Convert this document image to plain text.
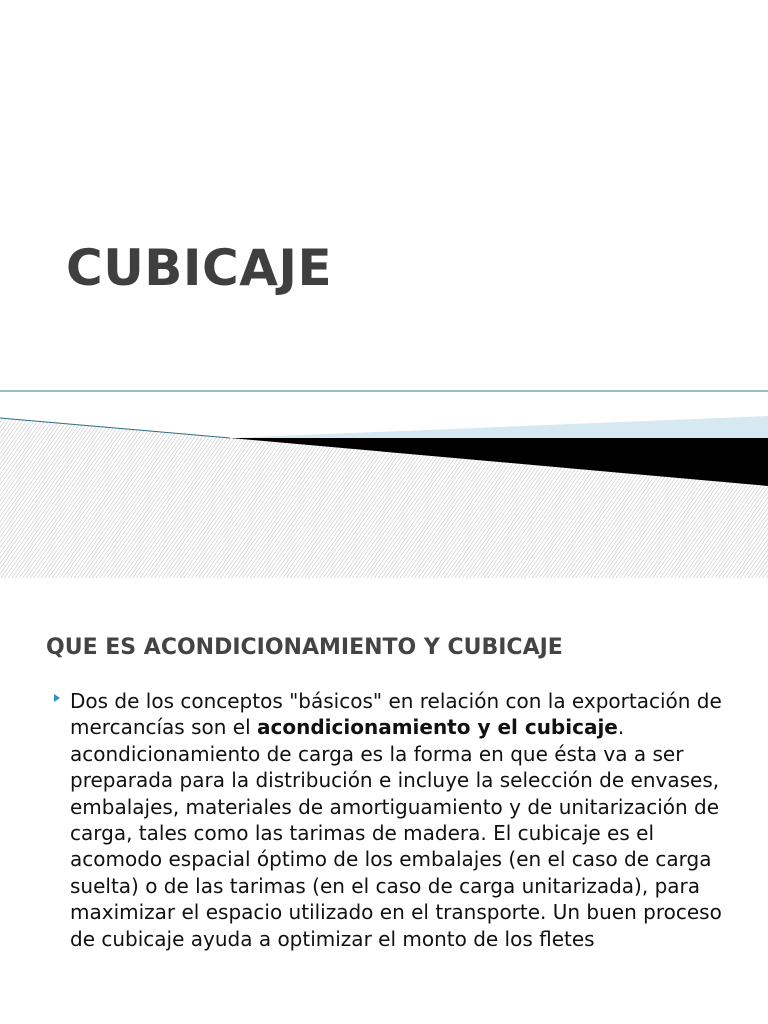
CUBICAJE
QUE ES ACONDICIONAMIENTO Y CUBICAJE
Dos de los conceptos "básicos" en relación con la exportación de mercancías son el acondicionamiento y el cubicaje. acondicionamiento de carga es la forma en que ésta va a ser preparada para la distribución e incluye la selección de envases, embalajes, materiales de amortiguamiento y de unitarización de carga, tales como las tarimas de madera. El cubicaje es el acomodo espacial óptimo de los embalajes (en el caso de carga suelta) o de las tarimas (en el caso de carga unitarizada), para maximizar el espacio utilizado en el transporte. Un buen proceso de cubicaje ayuda a optimizar el monto de los fletes
